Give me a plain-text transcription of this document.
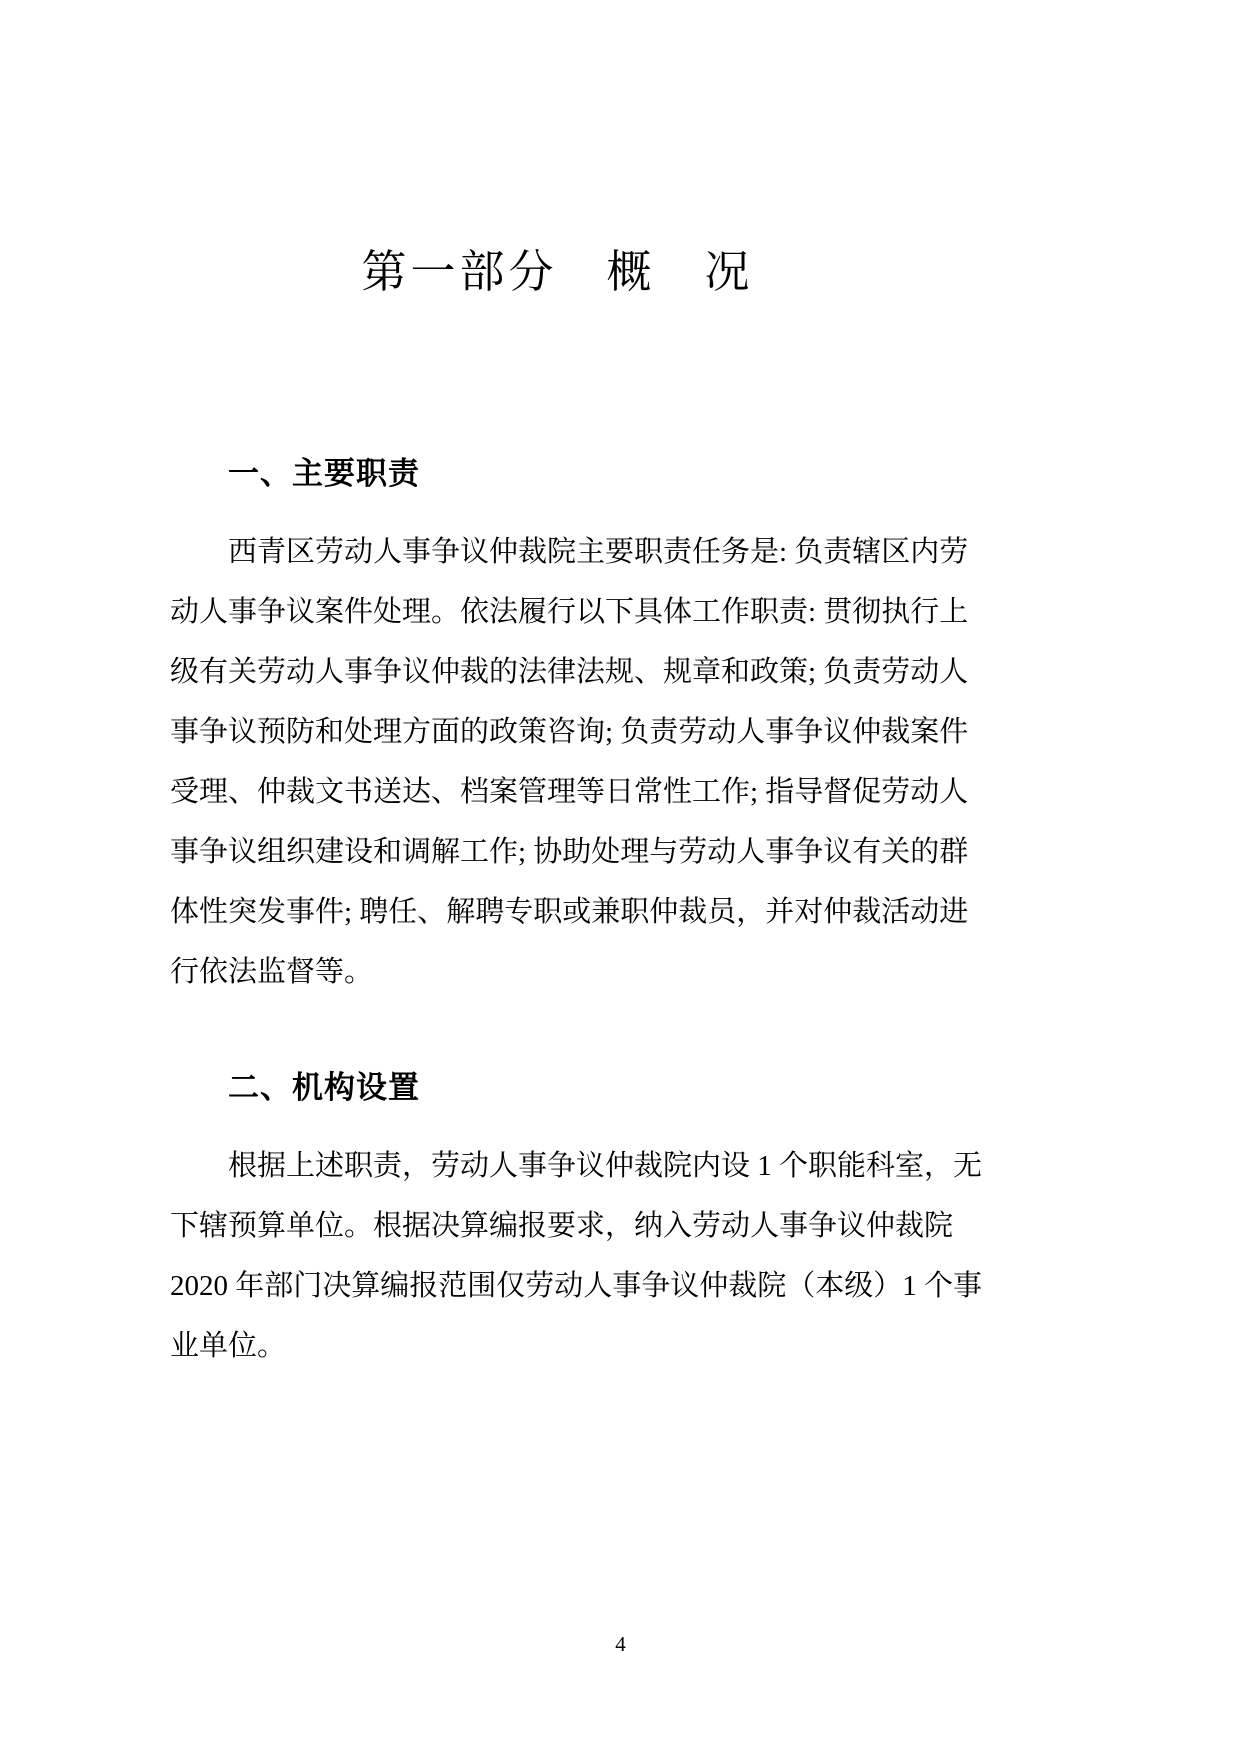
第一部分　概　况
一、主要职责
西青区劳动人事争议仲裁院主要职责任务是: 负责辖区内劳
动人事争议案件处理。依法履行以下具体工作职责: 贯彻执行上
级有关劳动人事争议仲裁的法律法规、规章和政策; 负责劳动人
事争议预防和处理方面的政策咨询; 负责劳动人事争议仲裁案件
受理、仲裁文书送达、档案管理等日常性工作; 指导督促劳动人
事争议组织建设和调解工作; 协助处理与劳动人事争议有关的群
体性突发事件; 聘任、解聘专职或兼职仲裁员，并对仲裁活动进
行依法监督等。
二、机构设置
根据上述职责，劳动人事争议仲裁院内设 1 个职能科室，无
下辖预算单位。根据决算编报要求，纳入劳动人事争议仲裁院
2020 年部门决算编报范围仅劳动人事争议仲裁院（本级）1 个事
业单位。
4
